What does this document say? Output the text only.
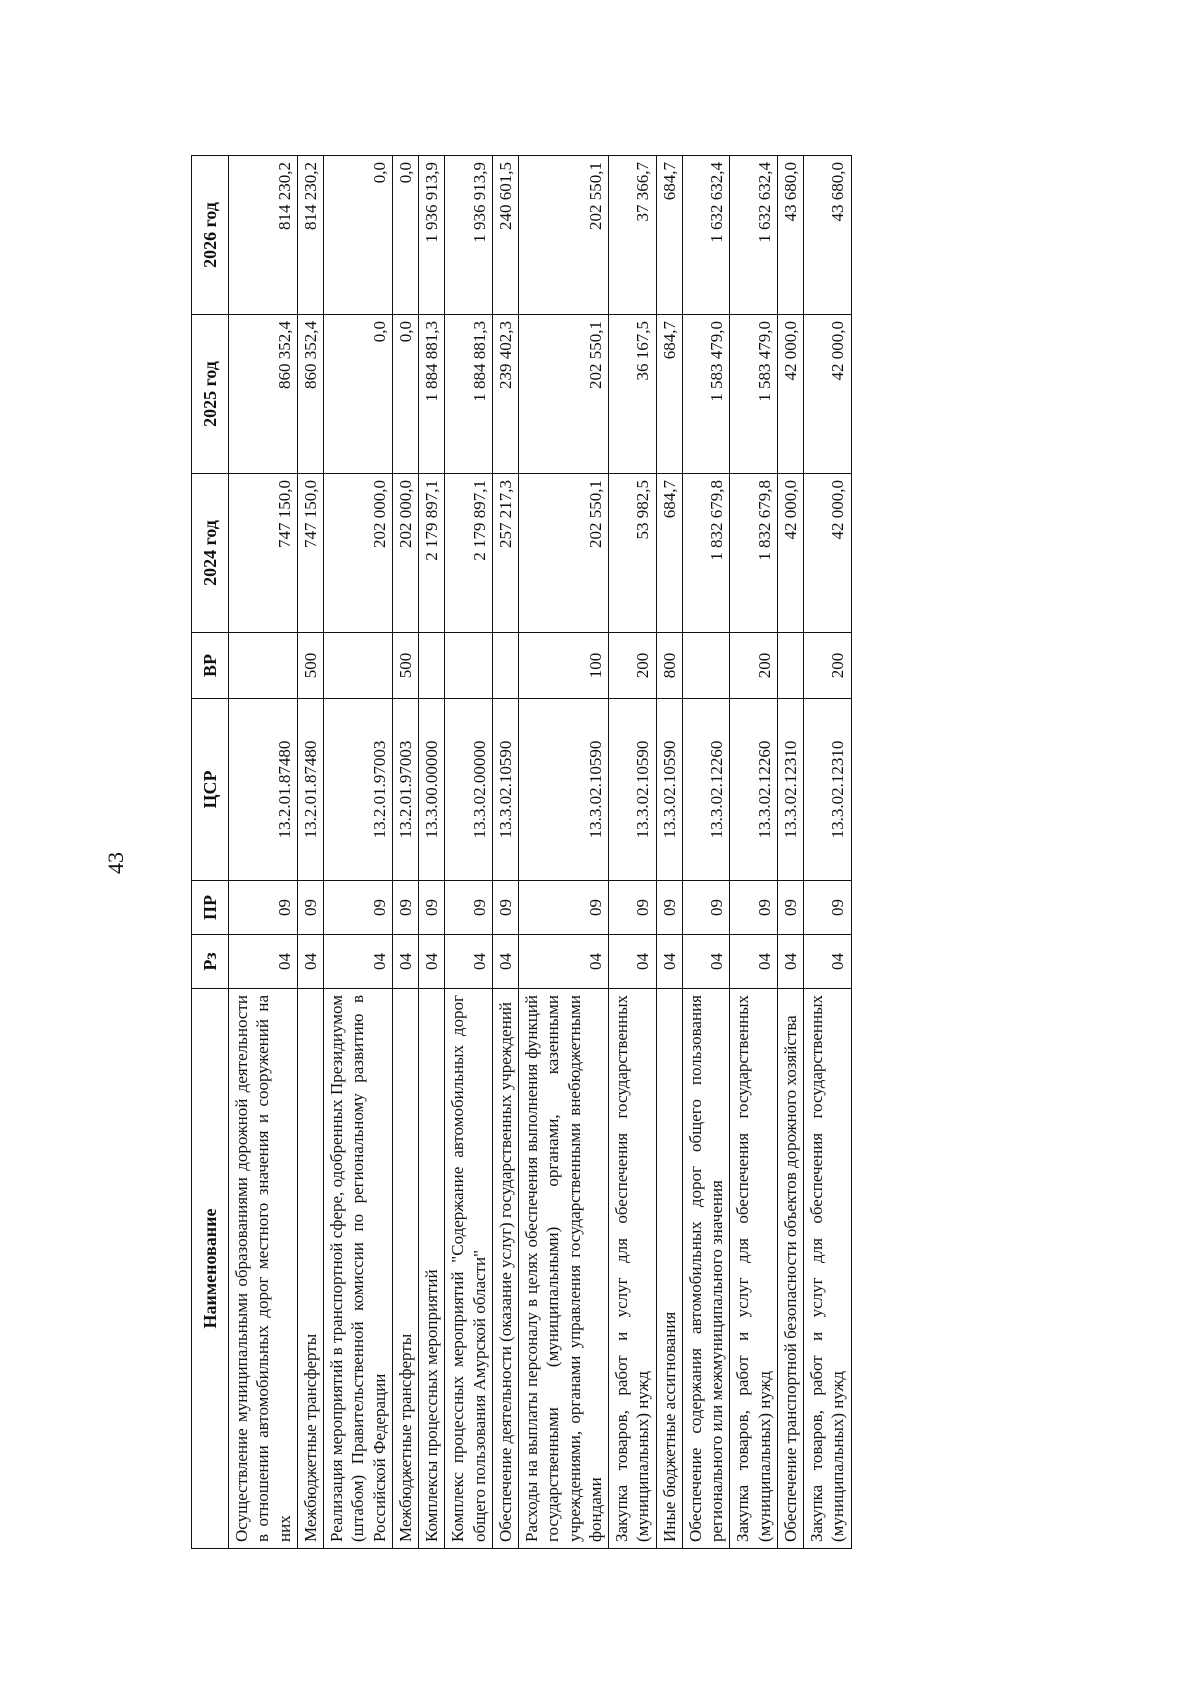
43
Наименование	Рз	ПР	ЦСР	ВР	2024 год	2025 год	2026 год
Осуществление муниципальными образованиями дорожной деятельности в отношении автомобильных дорог местного значения и сооружений на них	04	09	13.2.01.87480		747 150,0	860 352,4	814 230,2
Межбюджетные трансферты	04	09	13.2.01.87480	500	747 150,0	860 352,4	814 230,2
Реализация мероприятий в транспортной сфере, одобренных Президиумом (штабом) Правительственной комиссии по региональному развитию в Российской Федерации	04	09	13.2.01.97003		202 000,0	0,0	0,0
Межбюджетные трансферты	04	09	13.2.01.97003	500	202 000,0	0,0	0,0
Комплексы процессных мероприятий	04	09	13.3.00.00000		2 179 897,1	1 884 881,3	1 936 913,9
Комплекс процессных мероприятий "Содержание автомобильных дорог общего пользования Амурской области"	04	09	13.3.02.00000		2 179 897,1	1 884 881,3	1 936 913,9
Обеспечение деятельности (оказание услуг) государственных учреждений	04	09	13.3.02.10590		257 217,3	239 402,3	240 601,5
Расходы на выплаты персоналу в целях обеспечения выполнения функций государственными (муниципальными) органами, казенными учреждениями, органами управления государственными внебюджетными фондами	04	09	13.3.02.10590	100	202 550,1	202 550,1	202 550,1
Закупка товаров, работ и услуг для обеспечения государственных (муниципальных) нужд	04	09	13.3.02.10590	200	53 982,5	36 167,5	37 366,7
Иные бюджетные ассигнования	04	09	13.3.02.10590	800	684,7	684,7	684,7
Обеспечение содержания автомобильных дорог общего пользования регионального или межмуниципального значения	04	09	13.3.02.12260		1 832 679,8	1 583 479,0	1 632 632,4
Закупка товаров, работ и услуг для обеспечения государственных (муниципальных) нужд	04	09	13.3.02.12260	200	1 832 679,8	1 583 479,0	1 632 632,4
Обеспечение транспортной безопасности объектов дорожного хозяйства	04	09	13.3.02.12310		42 000,0	42 000,0	43 680,0
Закупка товаров, работ и услуг для обеспечения государственных (муниципальных) нужд	04	09	13.3.02.12310	200	42 000,0	42 000,0	43 680,0
